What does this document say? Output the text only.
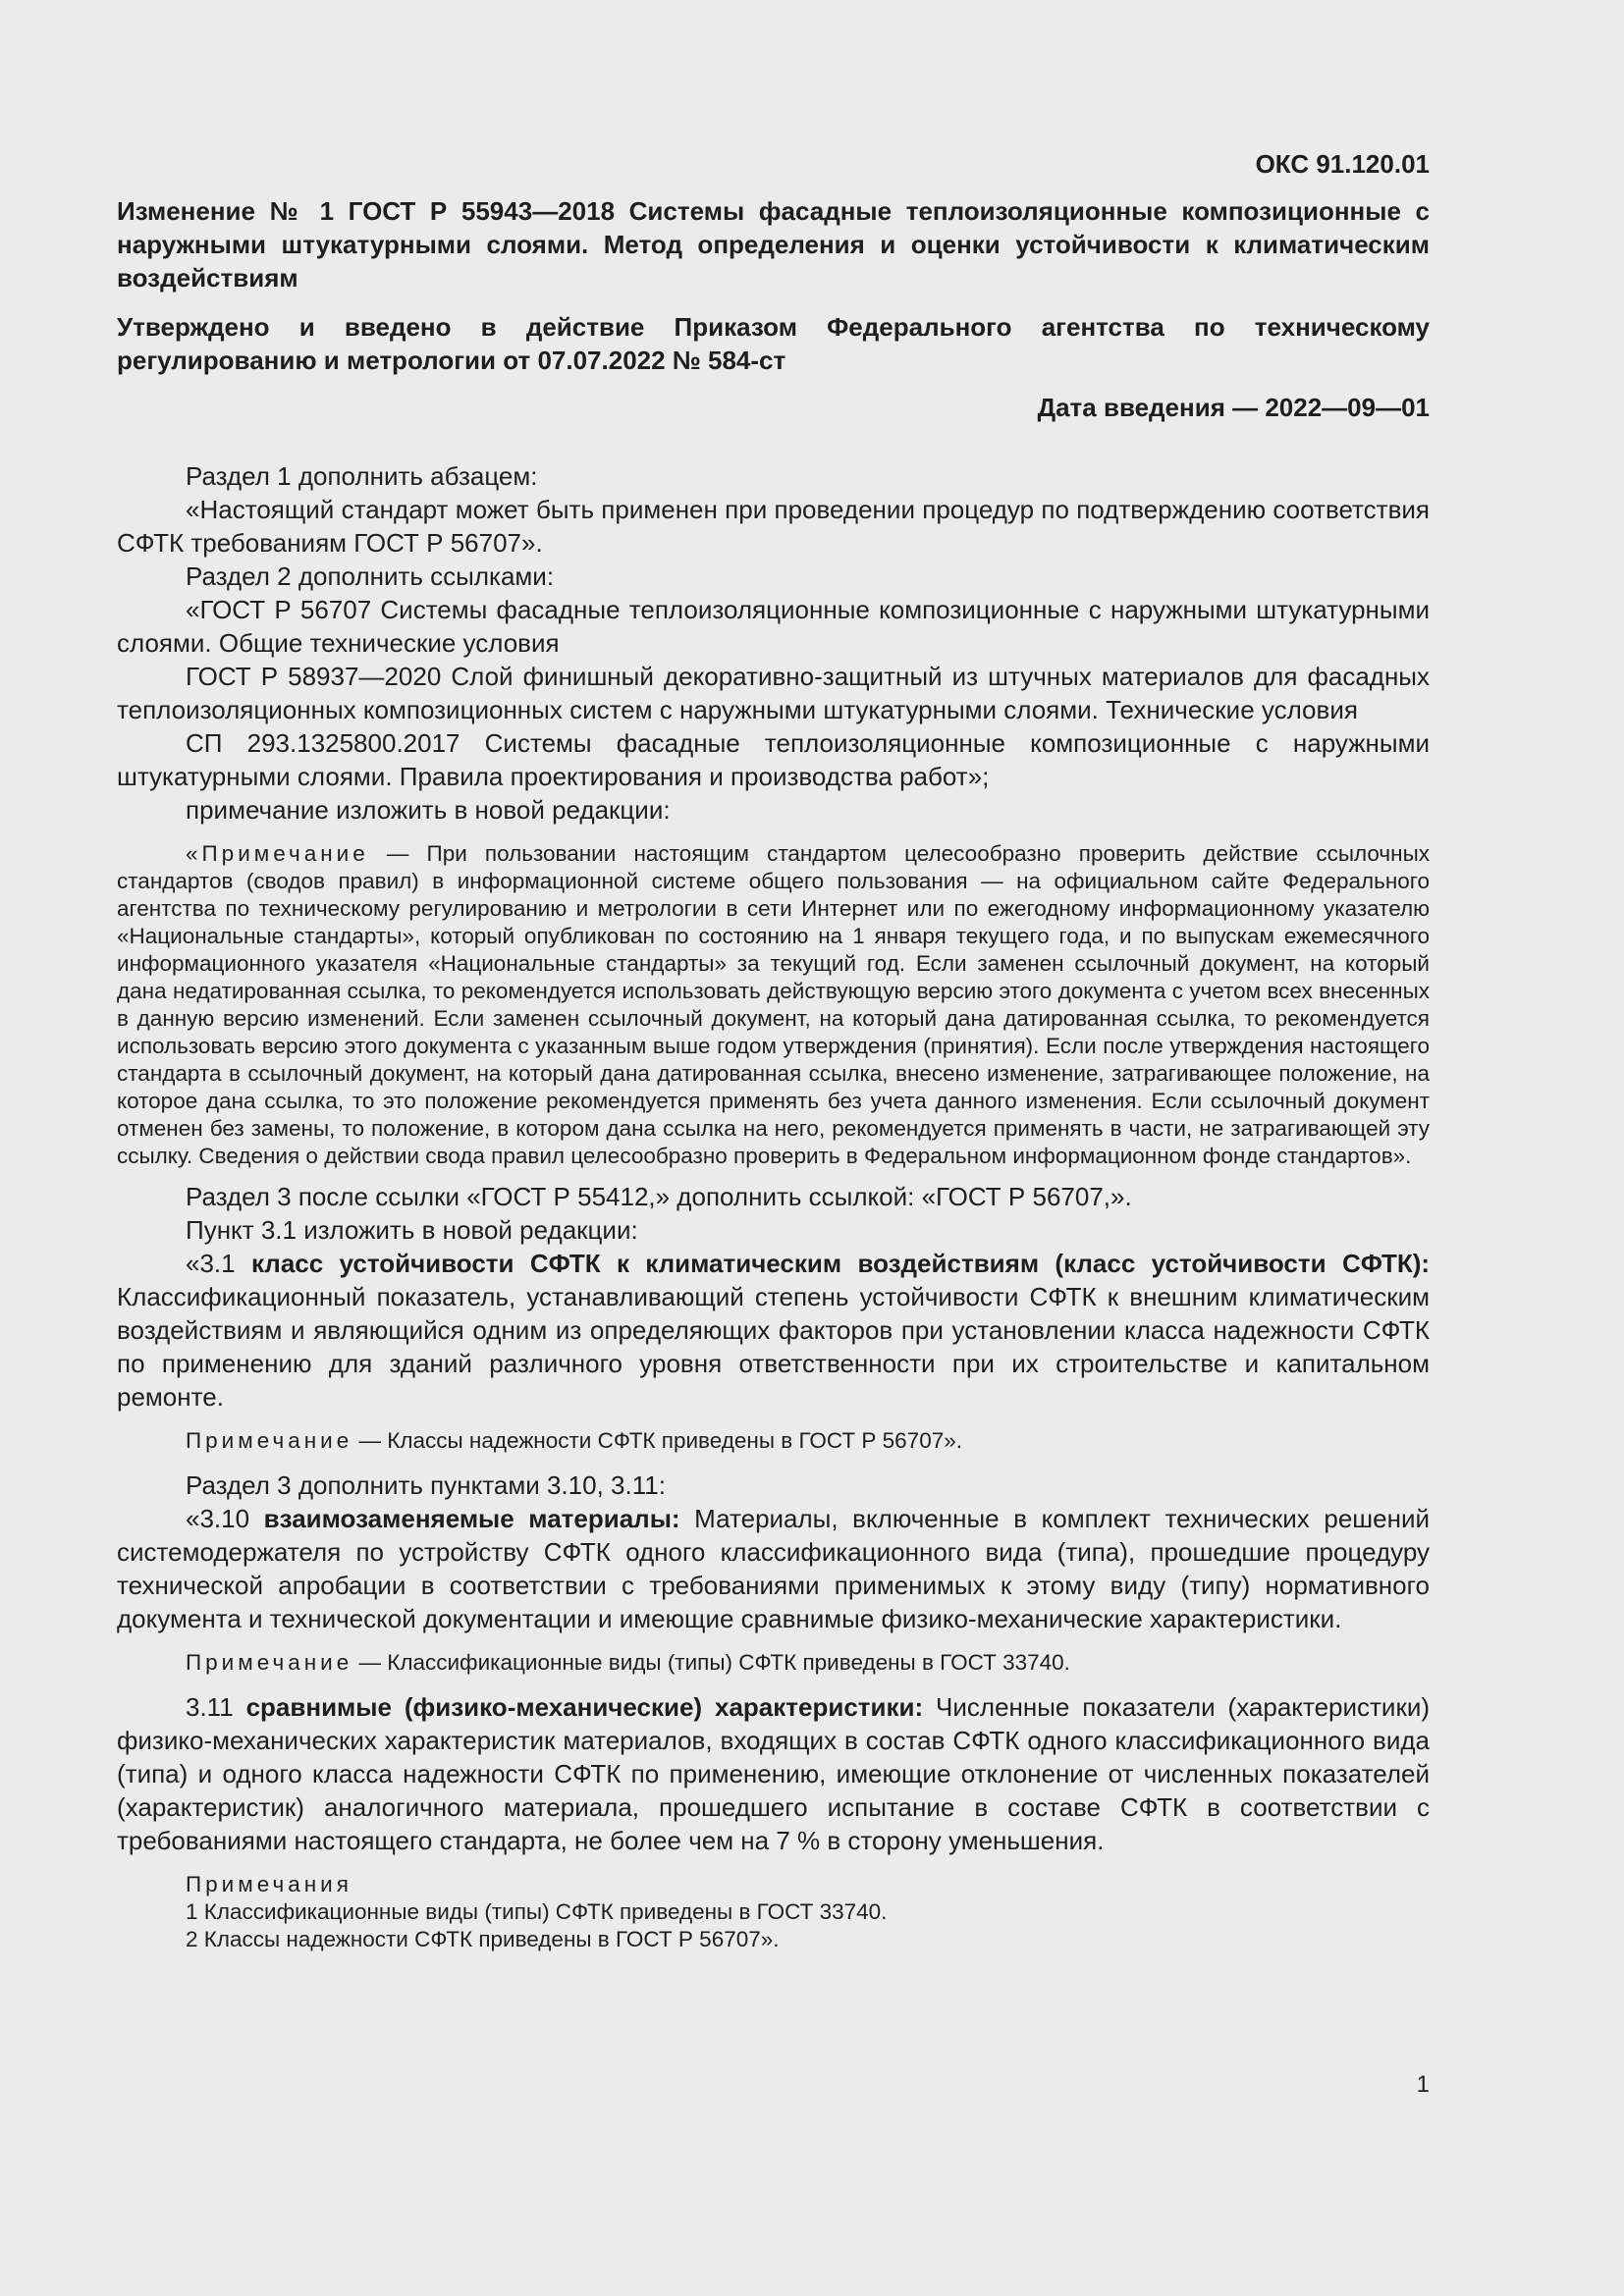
ОКС 91.120.01
Изменение № 1 ГОСТ Р 55943—2018 Системы фасадные теплоизоляционные композиционные с наружными штукатурными слоями. Метод определения и оценки устойчивости к климатическим воздействиям
Утверждено и введено в действие Приказом Федерального агентства по техническому регулированию и метрологии от 07.07.2022 № 584-ст
Дата введения — 2022—09—01

Раздел 1 дополнить абзацем:

«Настоящий стандарт может быть применен при проведении процедур по подтверждению соответствия СФТК требованиям ГОСТ Р 56707».

Раздел 2 дополнить ссылками:

«ГОСТ Р 56707 Системы фасадные теплоизоляционные композиционные с наружными штукатурными слоями. Общие технические условия

ГОСТ Р 58937—2020 Слой финишный декоративно-защитный из штучных материалов для фасадных теплоизоляционных композиционных систем с наружными штукатурными слоями. Технические условия

СП 293.1325800.2017 Системы фасадные теплоизоляционные композиционные с наружными штукатурными слоями. Правила проектирования и производства работ»;

примечание изложить в новой редакции:

«Примечание — При пользовании настоящим стандартом целесообразно проверить действие ссылочных стандартов (сводов правил) в информационной системе общего пользования — на официальном сайте Федерального агентства по техническому регулированию и метрологии в сети Интернет или по ежегодному информационному указателю «Национальные стандарты», который опубликован по состоянию на 1 января текущего года, и по выпускам ежемесячного информационного указателя «Национальные стандарты» за текущий год. Если заменен ссылочный документ, на который дана недатированная ссылка, то рекомендуется использовать действующую версию этого документа с учетом всех внесенных в данную версию изменений. Если заменен ссылочный документ, на который дана датированная ссылка, то рекомендуется использовать версию этого документа с указанным выше годом утверждения (принятия). Если после утверждения настоящего стандарта в ссылочный документ, на который дана датированная ссылка, внесено изменение, затрагивающее положение, на которое дана ссылка, то это положение рекомендуется применять без учета данного изменения. Если ссылочный документ отменен без замены, то положение, в котором дана ссылка на него, рекомендуется применять в части, не затрагивающей эту ссылку. Сведения о действии свода правил целесообразно проверить в Федеральном информационном фонде стандартов».

Раздел 3 после ссылки «ГОСТ Р 55412,» дополнить ссылкой: «ГОСТ Р 56707,».

Пункт 3.1 изложить в новой редакции:

«3.1 класс устойчивости СФТК к климатическим воздействиям (класс устойчивости СФТК): Классификационный показатель, устанавливающий степень устойчивости СФТК к внешним климатическим воздействиям и являющийся одним из определяющих факторов при установлении класса надежности СФТК по применению для зданий различного уровня ответственности при их строительстве и капитальном ремонте.

Примечание — Классы надежности СФТК приведены в ГОСТ Р 56707».

Раздел 3 дополнить пунктами 3.10, 3.11:

«3.10 взаимозаменяемые материалы: Материалы, включенные в комплект технических решений системодержателя по устройству СФТК одного классификационного вида (типа), прошедшие процедуру технической апробации в соответствии с требованиями применимых к этому виду (типу) нормативного документа и технической документации и имеющие сравнимые физико-механические характеристики.

Примечание — Классификационные виды (типы) СФТК приведены в ГОСТ 33740.

3.11 сравнимые (физико-механические) характеристики: Численные показатели (характеристики) физико-механических характеристик материалов, входящих в состав СФТК одного классификационного вида (типа) и одного класса надежности СФТК по применению, имеющие отклонение от численных показателей (характеристик) аналогичного материала, прошедшего испытание в составе СФТК в соответствии с требованиями настоящего стандарта, не более чем на 7 % в сторону уменьшения.

Примечания
1 Классификационные виды (типы) СФТК приведены в ГОСТ 33740.
2 Классы надежности СФТК приведены в ГОСТ Р 56707».
1
